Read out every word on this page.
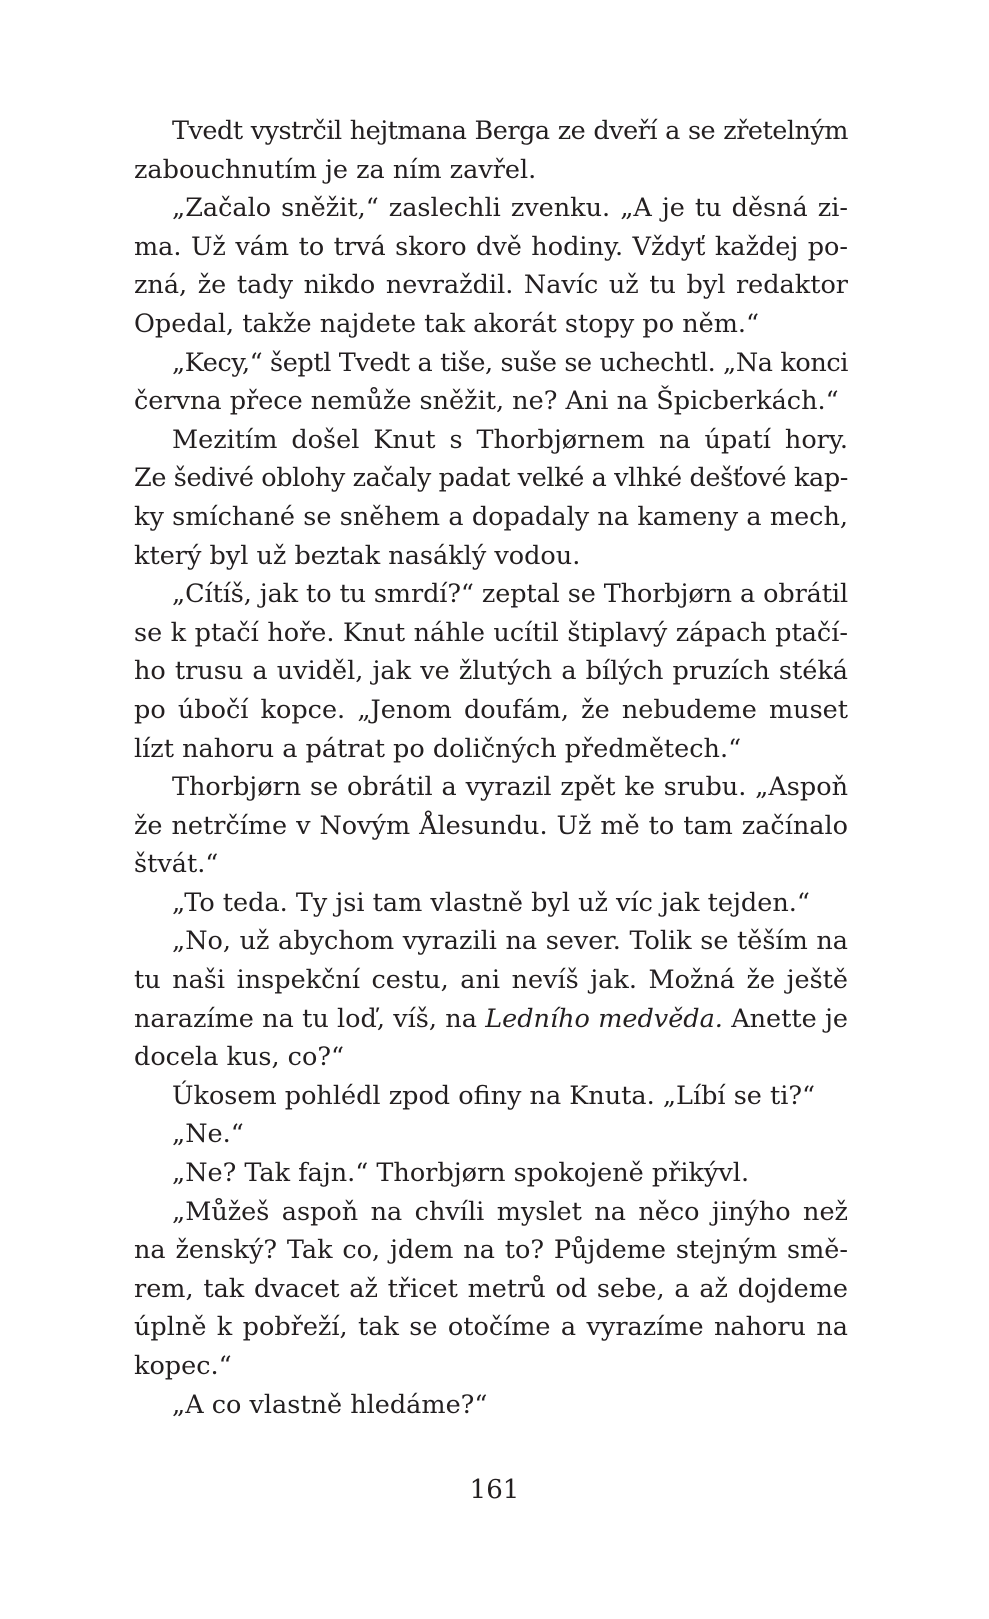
Tvedt vystrčil hejtmana Berga ze dveří a se zřetelným
zabouchnutím je za ním zavřel.
„Začalo sněžit,“ zaslechli zvenku. „A je tu děsná zi-
ma. Už vám to trvá skoro dvě hodiny. Vždyť každej po-
zná, že tady nikdo nevraždil. Navíc už tu byl redaktor
Opedal, takže najdete tak akorát stopy po něm.“
„Kecy,“ šeptl Tvedt a tiše, suše se uchechtl. „Na konci
června přece nemůže sněžit, ne? Ani na Špicberkách.“
Mezitím došel Knut s Thorbjørnem na úpatí hory.
Ze šedivé oblohy začaly padat velké a vlhké dešťové kap-
ky smíchané se sněhem a dopadaly na kameny a mech,
který byl už beztak nasáklý vodou.
„Cítíš, jak to tu smrdí?“ zeptal se Thorbjørn a obrátil
se k ptačí hoře. Knut náhle ucítil štiplavý zápach ptačí-
ho trusu a uviděl, jak ve žlutých a bílých pruzích stéká
po úbočí kopce. „Jenom doufám, že nebudeme muset
lízt nahoru a pátrat po doličných předmětech.“
Thorbjørn se obrátil a vyrazil zpět ke srubu. „Aspoň
že netrčíme v Novým Ålesundu. Už mě to tam začínalo
štvát.“
„To teda. Ty jsi tam vlastně byl už víc jak tejden.“
„No, už abychom vyrazili na sever. Tolik se těším na
tu naši inspekční cestu, ani nevíš jak. Možná že ještě
narazíme na tu loď, víš, na Ledního medvěda. Anette je
docela kus, co?“
Úkosem pohlédl zpod ofiny na Knuta. „Líbí se ti?“
„Ne.“
„Ne? Tak fajn.“ Thorbjørn spokojeně přikývl.
„Můžeš aspoň na chvíli myslet na něco jinýho než
na ženský? Tak co, jdem na to? Půjdeme stejným smě-
rem, tak dvacet až třicet metrů od sebe, a až dojdeme
úplně k pobřeží, tak se otočíme a vyrazíme nahoru na
kopec.“
„A co vlastně hledáme?“
161
